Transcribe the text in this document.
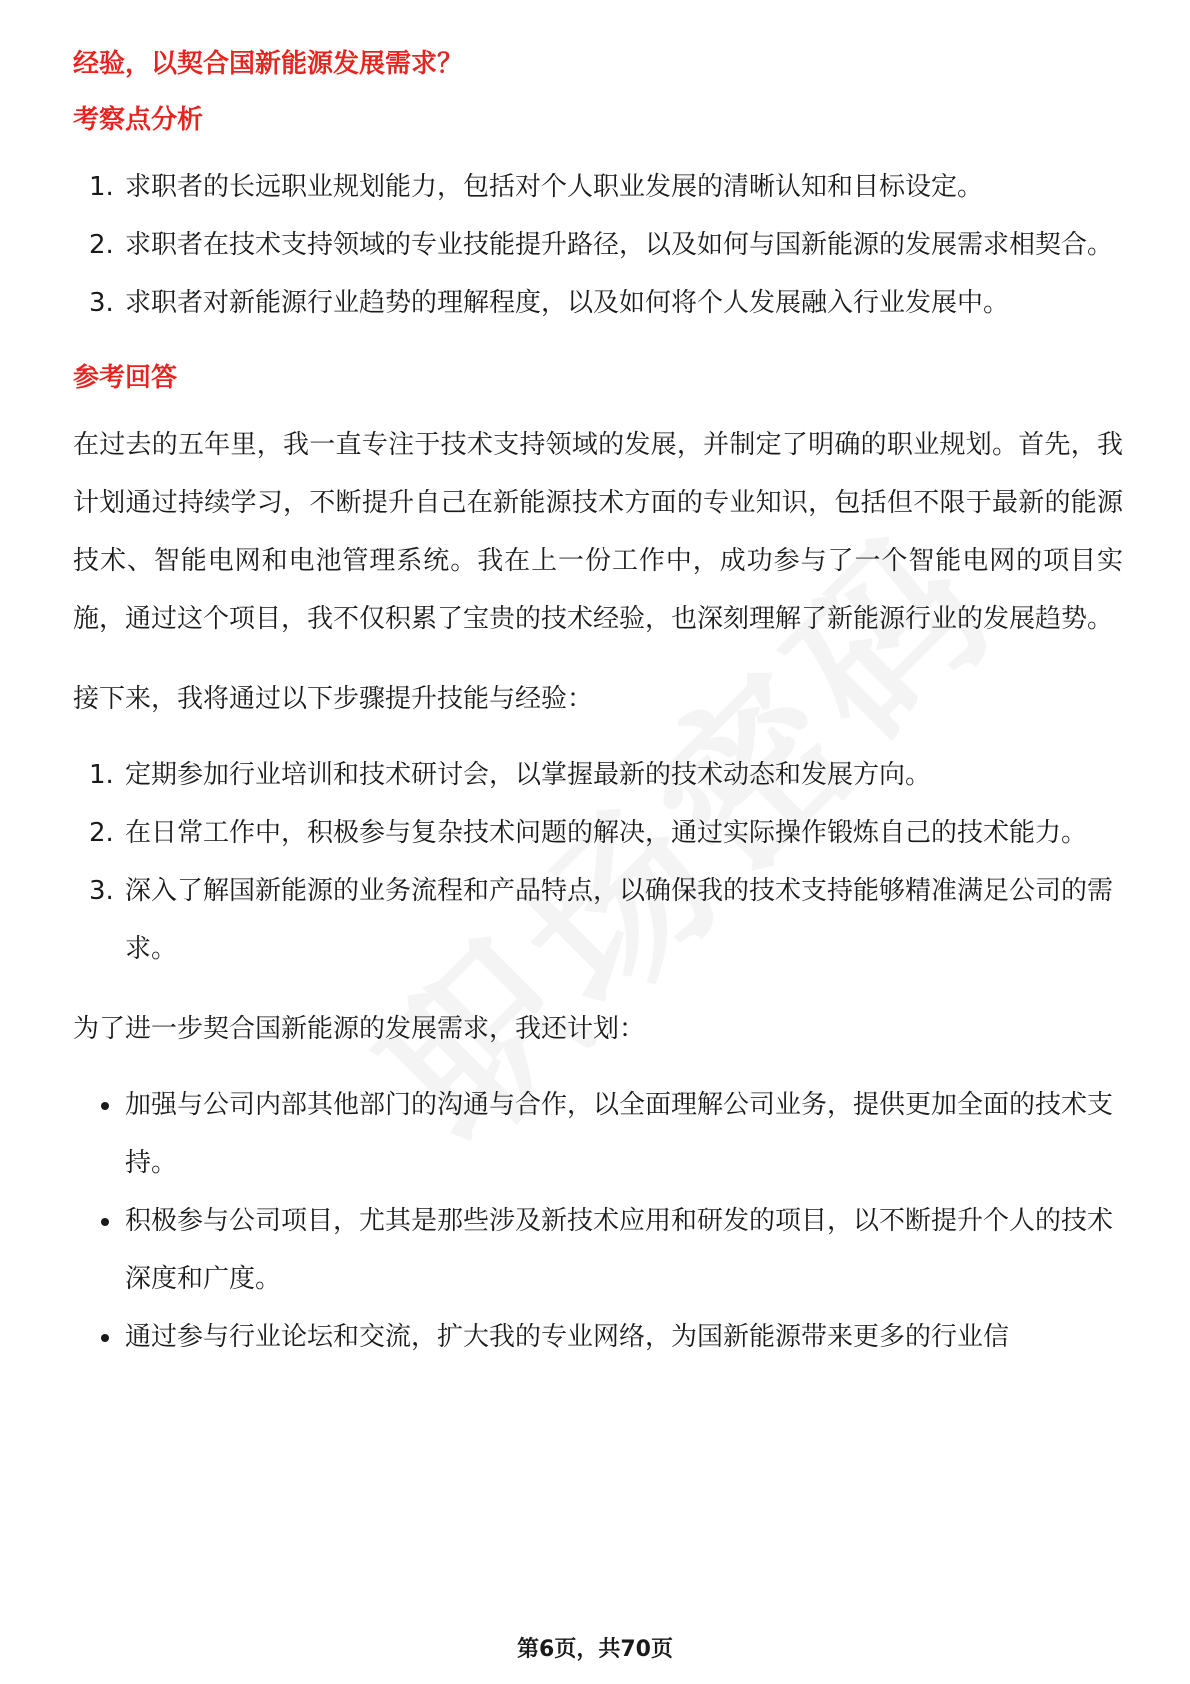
经验，以契合国新能源发展需求？
考察点分析
1. 求职者的长远职业规划能力，包括对个人职业发展的清晰认知和目标设定。
2. 求职者在技术支持领域的专业技能提升路径，以及如何与国新能源的发展需求相契合。
3. 求职者对新能源行业趋势的理解程度，以及如何将个人发展融入行业发展中。
参考回答

在过去的五年里，我一直专注于技术支持领域的发展，并制定了明确的职业规划。首先，我计划通过持续学习，不断提升自己在新能源技术方面的专业知识，包括但不限于最新的能源技术、智能电网和电池管理系统。我在上一份工作中，成功参与了一个智能电网的项目实施，通过这个项目，我不仅积累了宝贵的技术经验，也深刻理解了新能源行业的发展趋势。

接下来，我将通过以下步骤提升技能与经验：

1. 定期参加行业培训和技术研讨会，以掌握最新的技术动态和发展方向。
2. 在日常工作中，积极参与复杂技术问题的解决，通过实际操作锻炼自己的技术能力。
3. 深入了解国新能源的业务流程和产品特点，以确保我的技术支持能够精准满足公司的需求。

为了进一步契合国新能源的发展需求，我还计划：

加强与公司内部其他部门的沟通与合作，以全面理解公司业务，提供更加全面的技术支持。
积极参与公司项目，尤其是那些涉及新技术应用和研发的项目，以不断提升个人的技术深度和广度。
通过参与行业论坛和交流，扩大我的专业网络，为国新能源带来更多的行业信
第6页，共70页
